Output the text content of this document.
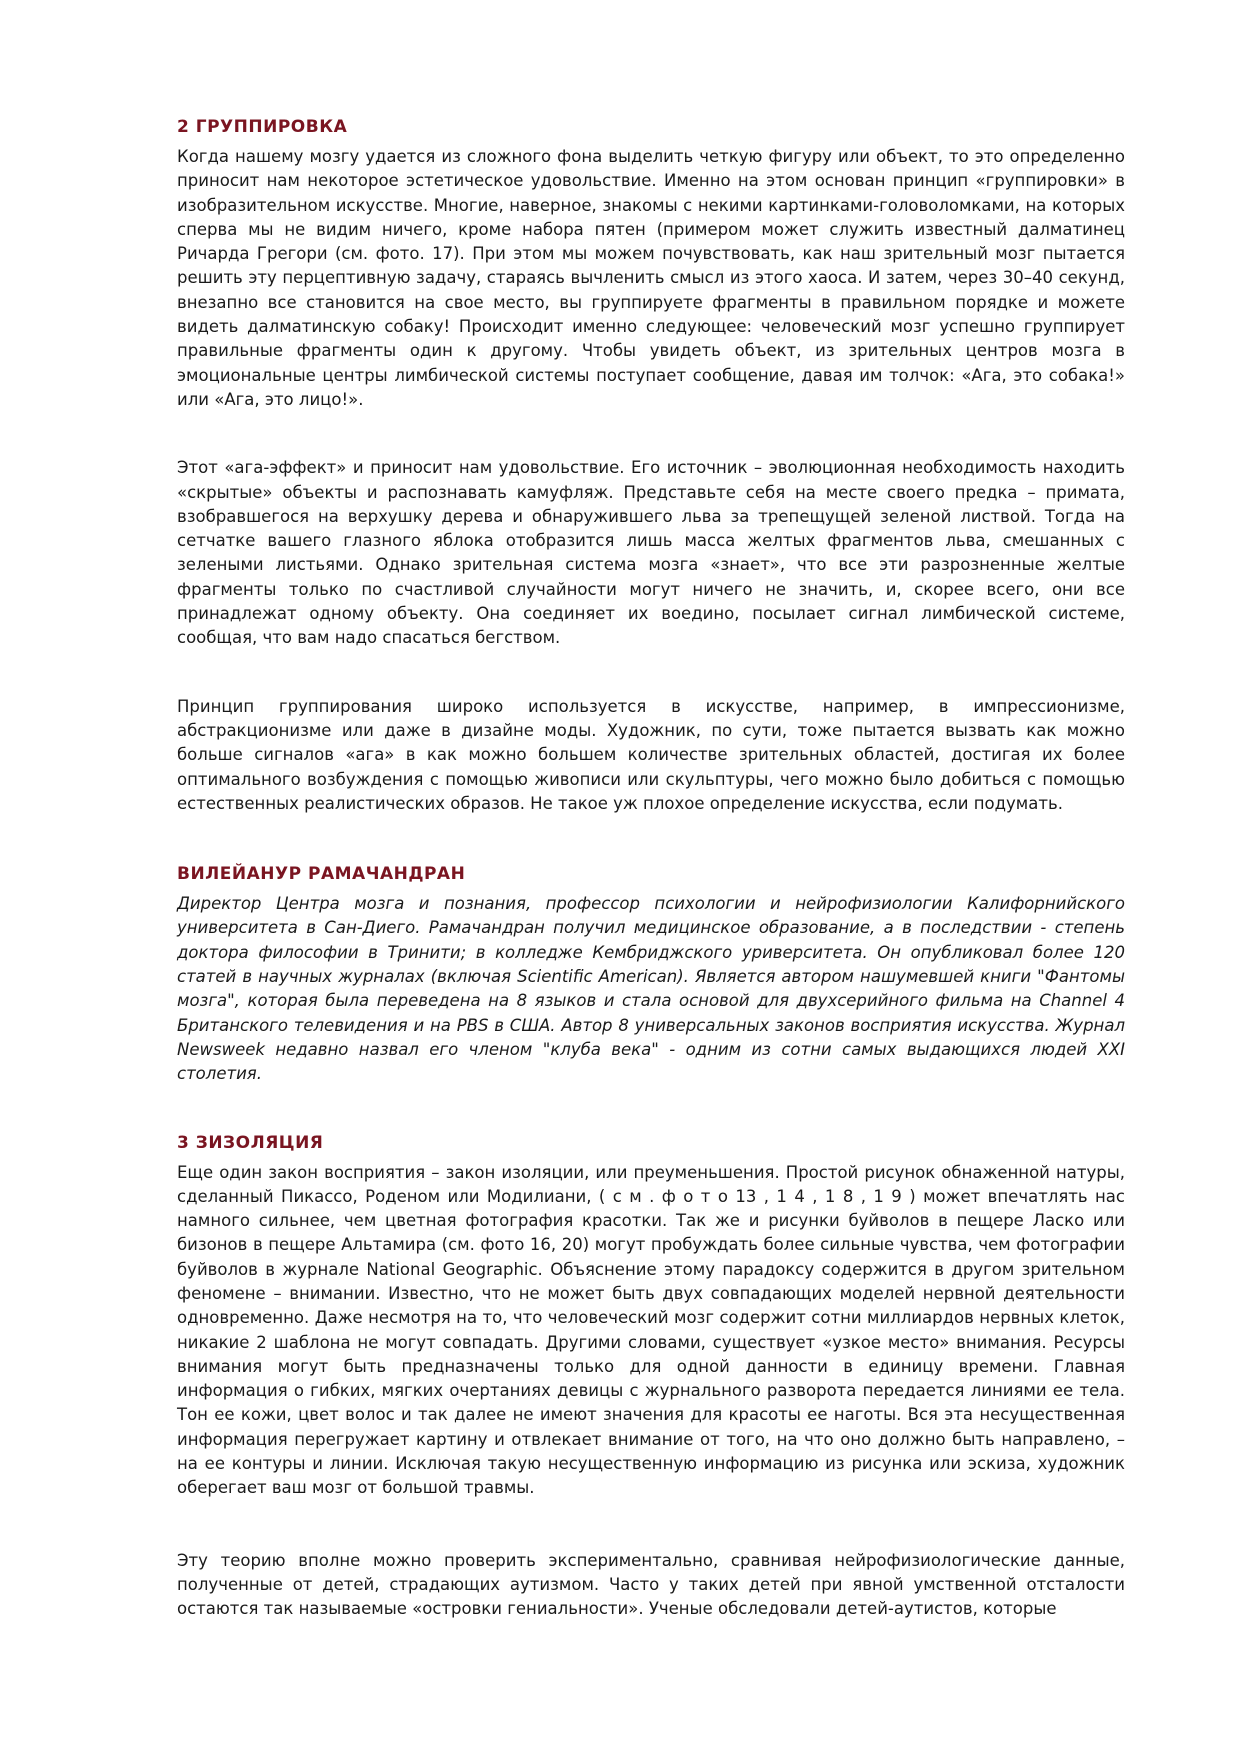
2 ГРУППИРОВКА

Когда нашему мозгу удается из сложного фона выделить четкую фигуру или объект, то это определенно приносит нам некоторое эстетическое удовольствие. Именно на этом основан принцип «группировки» в изобразительном искусстве. Многие, наверное, знакомы с некими картинками-головоломками, на которых сперва мы не видим ничего, кроме набора пятен (примером может служить известный далматинец Ричарда Грегори (см. фото. 17). При этом мы можем почувствовать, как наш зрительный мозг пытается решить эту перцептивную задачу, стараясь вычленить смысл из этого хаоса. И затем, через 30–40 секунд, внезапно все становится на свое место, вы группируете фрагменты в правильном порядке и можете видеть далматинскую собаку! Происходит именно следующее: человеческий мозг успешно группирует правильные фрагменты один к другому. Чтобы увидеть объект, из зрительных центров мозга в эмоциональные центры лимбической системы поступает сообщение, давая им толчок: «Ага, это собака!» или «Ага, это лицо!».

Этот «ага-эффект» и приносит нам удовольствие. Его источник – эволюционная необходимость находить «скрытые» объекты и распознавать камуфляж. Представьте себя на месте своего предка – примата, взобравшегося на верхушку дерева и обнаружившего льва за трепещущей зеленой листвой. Тогда на сетчатке вашего глазного яблока отобразится лишь масса желтых фрагментов льва, смешанных с зелеными листьями. Однако зрительная система мозга «знает», что все эти разрозненные желтые фрагменты только по счастливой случайности могут ничего не значить, и, скорее всего, они все принадлежат одному объекту. Она соединяет их воедино, посылает сигнал лимбической системе, сообщая, что вам надо спасаться бегством.

Принцип группирования широко используется в искусстве, например, в импрессионизме, абстракционизме или даже в дизайне моды. Художник, по сути, тоже пытается вызвать как можно больше сигналов «ага» в как можно большем количестве зрительных областей, достигая их более оптимального возбуждения с помощью живописи или скульптуры, чего можно было добиться с помощью естественных реалистических образов. Не такое уж плохое определение искусства, если подумать.

ВИЛЕЙАНУР РАМАЧАНДРАН

Директор Центра мозга и познания, профессор психологии и нейрофизиологии Калифорнийского университета в Сан-Диего. Рамачандран получил медицинское образование, а в последствии - степень доктора философии в Тринити; в колледже Кембриджского уриверситета. Он опубликовал более 120 статей в научных журналах (включая Scientific American). Является автором нашумевшей книги "Фантомы мозга", которая была переведена на 8 языков и стала основой для двухсерийного фильма на Channel 4 Британского телевидения и на PBS в США. Автор 8 универсальных законов восприятия искусства. Журнал Newsweek недавно назвал его членом "клуба века" - одним из сотни самых выдающихся людей XXI столетия.

3 ЗИЗОЛЯЦИЯ

Еще один закон восприятия – закон изоляции, или преуменьшения. Простой рисунок обнаженной натуры, сделанный Пикассо, Роденом или Модилиани, ( с м . ф о т о 13 , 1 4 , 1 8 , 1 9 ) может впечатлять нас намного сильнее, чем цветная фотография красотки. Так же и рисунки буйволов в пещере Ласко или бизонов в пещере Альтамира (см. фото 16, 20) могут пробуждать более сильные чувства, чем фотографии буйволов в журнале National Geographic. Объяснение этому парадоксу содержится в другом зрительном феномене – внимании. Известно, что не может быть двух совпадающих моделей нервной деятельности одновременно. Даже несмотря на то, что человеческий мозг содержит сотни миллиардов нервных клеток, никакие 2 шаблона не могут совпадать. Другими словами, существует «узкое место» внимания. Ресурсы внимания могут быть предназначены только для одной данности в единицу времени. Главная информация о гибких, мягких очертаниях девицы с журнального разворота передается линиями ее тела. Тон ее кожи, цвет волос и так далее не имеют значения для красоты ее наготы. Вся эта несущественная информация перегружает картину и отвлекает внимание от того, на что оно должно быть направлено, – на ее контуры и линии. Исключая такую несущественную информацию из рисунка или эскиза, художник оберегает ваш мозг от большой травмы.

Эту теорию вполне можно проверить экспериментально, сравнивая нейрофизиологические данные, полученные от детей, страдающих аутизмом. Часто у таких детей при явной умственной отсталости остаются так называемые «островки гениальности». Ученые обследовали детей-аутистов, которые
